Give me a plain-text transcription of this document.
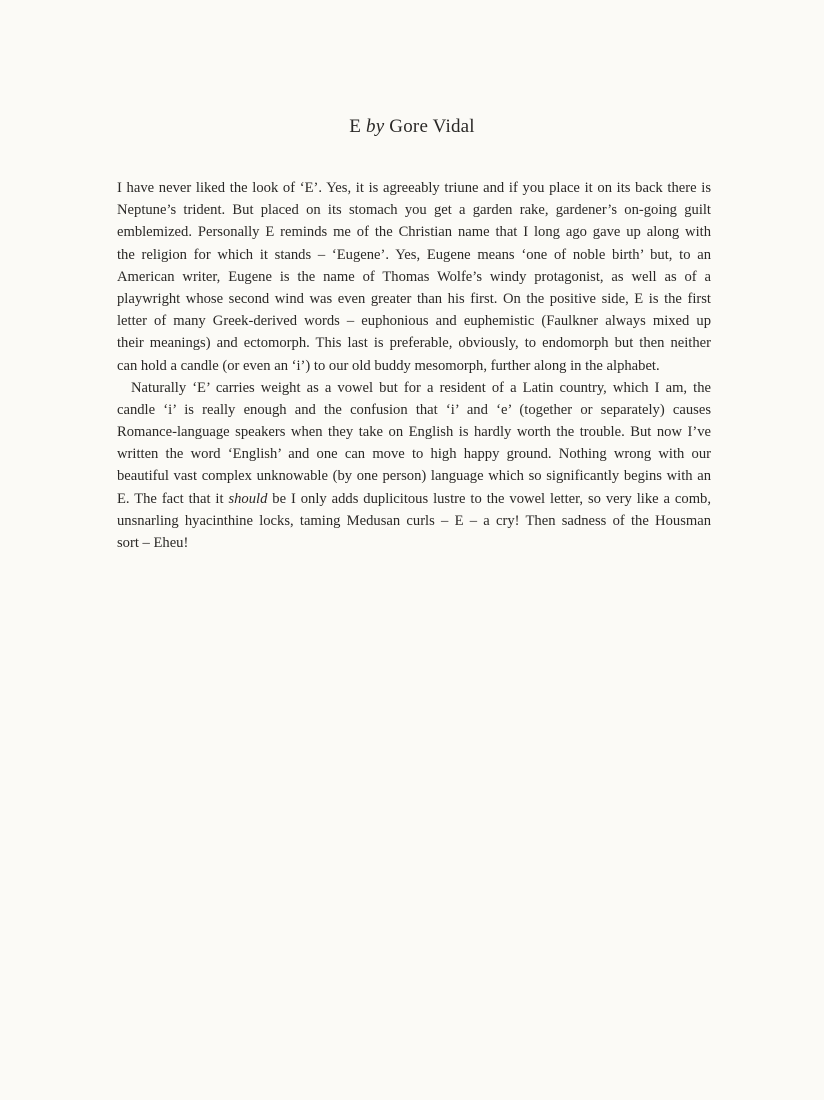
E by Gore Vidal
I have never liked the look of ‘E’. Yes, it is agreeably triune and if you place it on its back there is
Neptune’s trident. But placed on its stomach you get a garden rake, gardener’s on-going guilt
emblemized. Personally E reminds me of the Christian name that I long ago gave up along with
the religion for which it stands – ‘Eugene’. Yes, Eugene means ‘one of noble birth’ but, to an
American writer, Eugene is the name of Thomas Wolfe’s windy protagonist, as well as of a
playwright whose second wind was even greater than his first. On the positive side, E is the first
letter of many Greek-derived words – euphonious and euphemistic (Faulkner always mixed up
their meanings) and ectomorph. This last is preferable, obviously, to endomorph but then neither
can hold a candle (or even an ‘i’) to our old buddy mesomorph, further along in the alphabet.
Naturally ‘E’ carries weight as a vowel but for a resident of a Latin country, which I am, the
candle ‘i’ is really enough and the confusion that ‘i’ and ‘e’ (together or separately) causes
Romance-language speakers when they take on English is hardly worth the trouble. But now I’ve
written the word ‘English’ and one can move to high happy ground. Nothing wrong with our
beautiful vast complex unknowable (by one person) language which so significantly begins with an
E. The fact that it should be I only adds duplicitous lustre to the vowel letter, so very like a comb,
unsnarling hyacinthine locks, taming Medusan curls – E – a cry! Then sadness of the Housman
sort – Eheu!
